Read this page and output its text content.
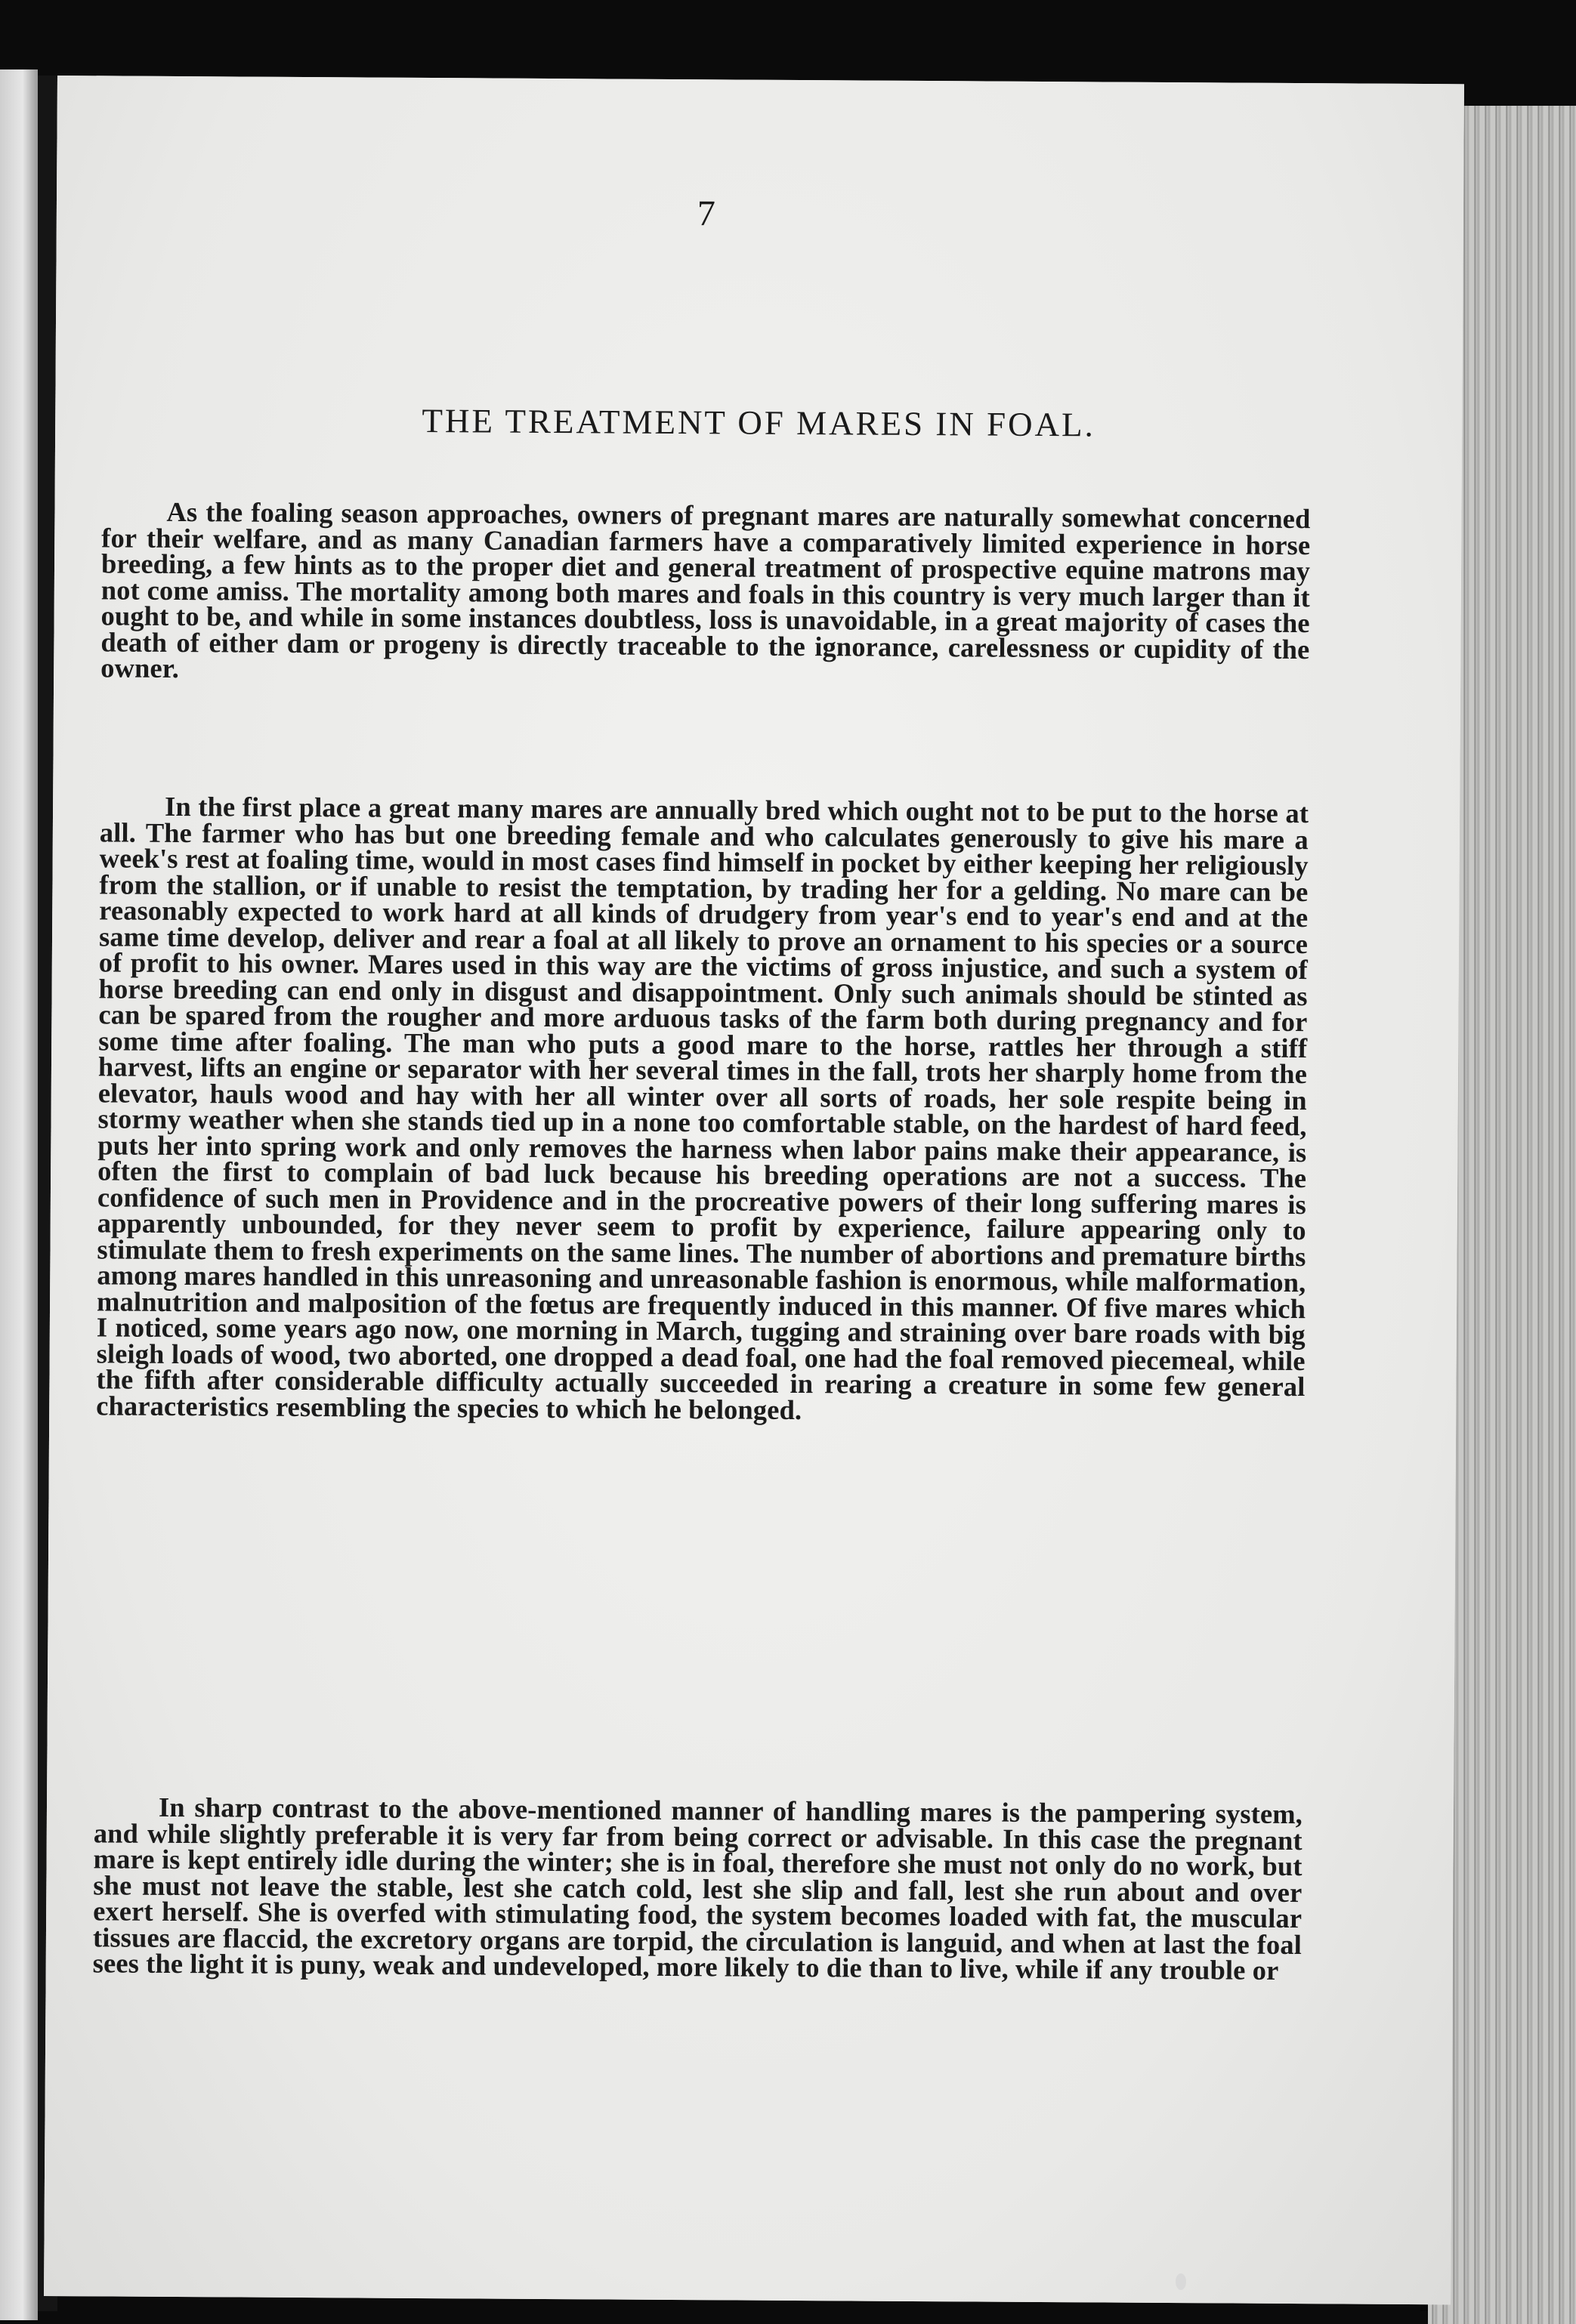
7
THE TREATMENT OF MARES IN FOAL.

As the foaling season approaches, owners of pregnant mares are naturally somewhat concerned for their welfare, and as many Canadian farmers have a comparatively limited experience in horse breeding, a few hints as to the proper diet and general treatment of prospective equine matrons may not come amiss. The mortality among both mares and foals in this country is very much larger than it ought to be, and while in some instances doubtless, loss is unavoidable, in a great majority of cases the death of either dam or progeny is directly traceable to the ignorance, carelessness or cupidity of the owner.

In the first place a great many mares are annually bred which ought not to be put to the horse at all. The farmer who has but one breeding female and who calculates generously to give his mare a week's rest at foaling time, would in most cases find himself in pocket by either keeping her religiously from the stallion, or if unable to resist the temptation, by trading her for a gelding. No mare can be reasonably expected to work hard at all kinds of drudgery from year's end to year's end and at the same time develop, deliver and rear a foal at all likely to prove an ornament to his species or a source of profit to his owner. Mares used in this way are the victims of gross injustice, and such a system of horse breeding can end only in disgust and disappointment. Only such animals should be stinted as can be spared from the rougher and more arduous tasks of the farm both during pregnancy and for some time after foaling. The man who puts a good mare to the horse, rattles her through a stiff harvest, lifts an engine or separator with her several times in the fall, trots her sharply home from the elevator, hauls wood and hay with her all winter over all sorts of roads, her sole respite being in stormy weather when she stands tied up in a none too comfortable stable, on the hardest of hard feed, puts her into spring work and only removes the harness when labor pains make their appearance, is often the first to complain of bad luck because his breeding operations are not a success. The confidence of such men in Providence and in the procreative powers of their long suffering mares is apparently unbounded, for they never seem to profit by experience, failure appearing only to stimulate them to fresh experiments on the same lines. The number of abortions and premature births among mares handled in this unreasoning and unreasonable fashion is enormous, while malformation, malnutrition and malposition of the fœtus are frequently induced in this manner. Of five mares which I noticed, some years ago now, one morning in March, tugging and straining over bare roads with big sleigh loads of wood, two aborted, one dropped a dead foal, one had the foal removed piecemeal, while the fifth after considerable difficulty actually succeeded in rearing a creature in some few general characteristics resembling the species to which he belonged.

In sharp contrast to the above-mentioned manner of handling mares is the pampering system, and while slightly preferable it is very far from being correct or advisable. In this case the pregnant mare is kept entirely idle during the winter; she is in foal, therefore she must not only do no work, but she must not leave the stable, lest she catch cold, lest she slip and fall, lest she run about and over exert herself. She is overfed with stimulating food, the system becomes loaded with fat, the muscular tissues are flaccid, the excretory organs are torpid, the circulation is languid, and when at last the foal sees the light it is puny, weak and undeveloped, more likely to die than to live, while if any trouble or
